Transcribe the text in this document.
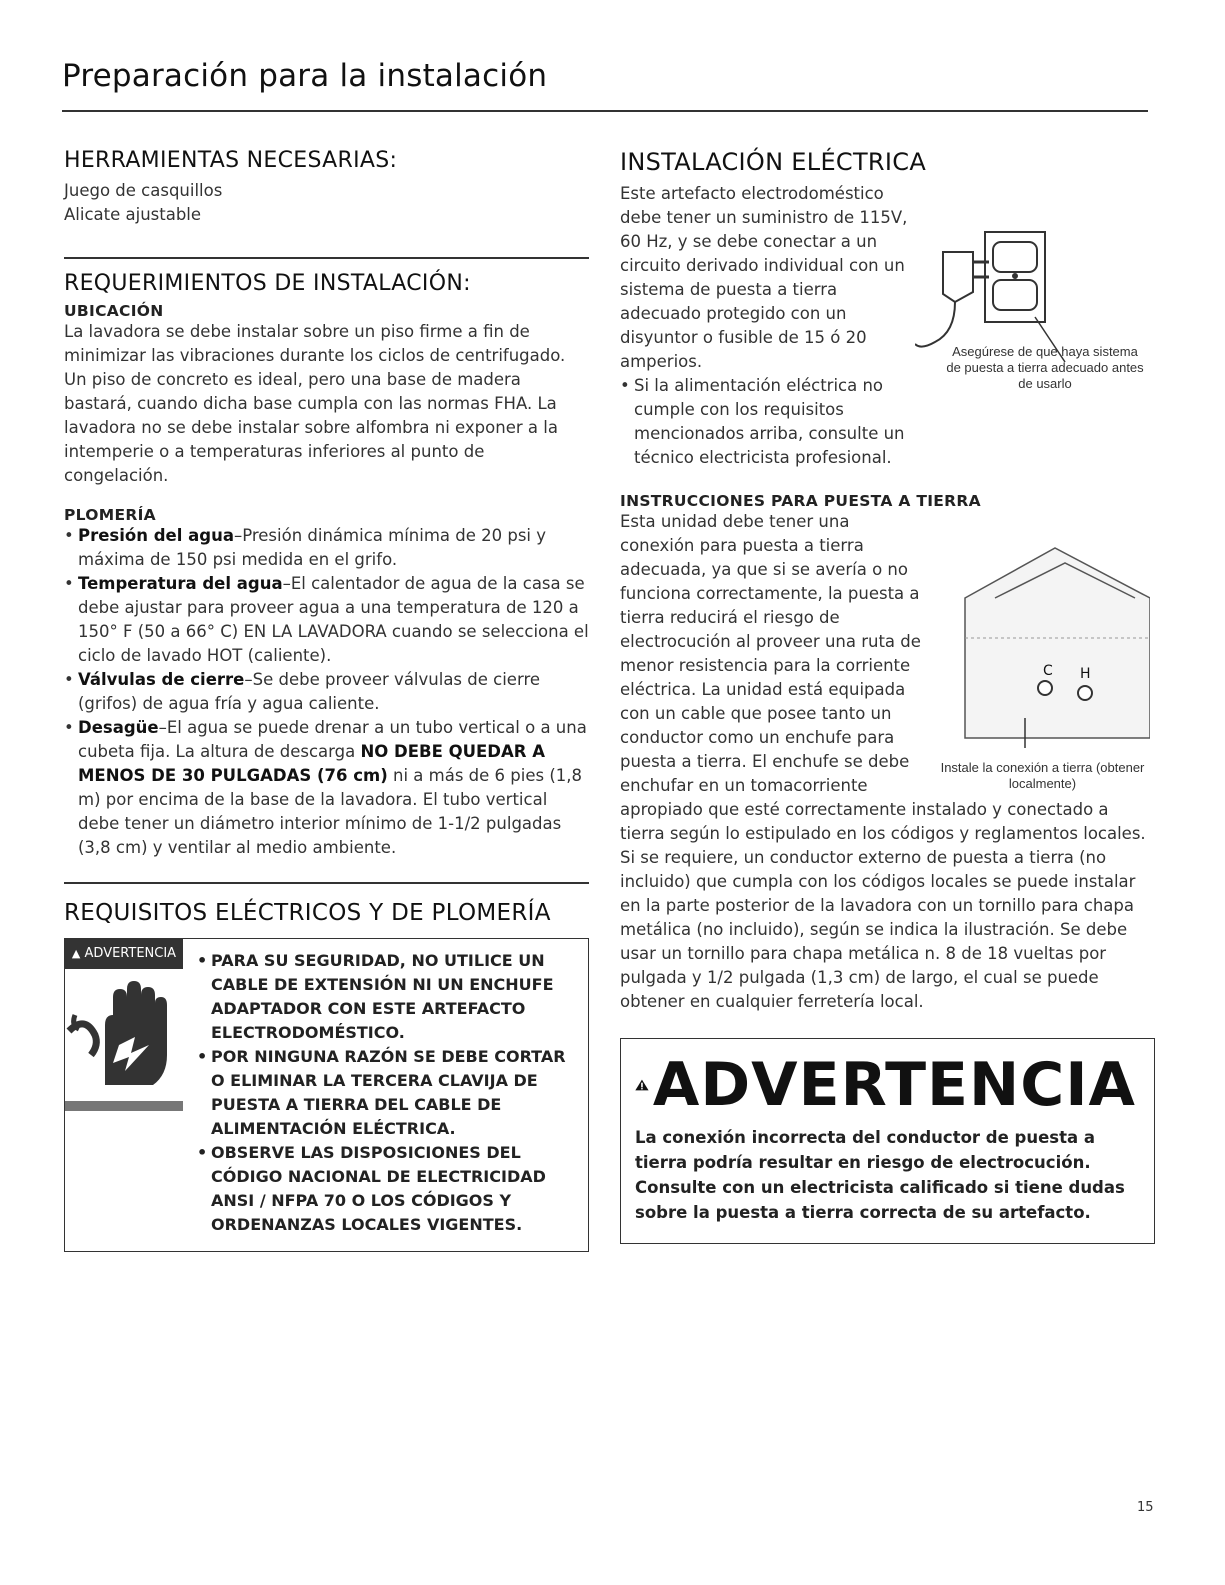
Preparación para la instalación
HERRAMIENTAS NECESARIAS:
Juego de casquillos
Alicate ajustable
REQUERIMIENTOS DE INSTALACIÓN:
UBICACIÓN
La lavadora se debe instalar sobre un piso firme a fin de minimizar las vibraciones durante los ciclos de centrifugado. Un piso de concreto es ideal, pero una base de madera bastará, cuando dicha base cumpla con las normas FHA. La lavadora no se debe instalar sobre alfombra ni exponer a la intemperie o a temperaturas inferiores al punto de congelación.
PLOMERÍA
• Presión del agua–Presión dinámica mínima de 20 psi y máxima de 150 psi medida en el grifo.
• Temperatura del agua–El calentador de agua de la casa se debe ajustar para proveer agua a una temperatura de 120 a 150° F (50 a 66° C) EN LA LAVADORA cuando se selecciona el ciclo de lavado HOT (caliente).
• Válvulas de cierre–Se debe proveer válvulas de cierre (grifos) de agua fría y agua caliente.
• Desagüe–El agua se puede drenar a un tubo vertical o a una cubeta fija. La altura de descarga NO DEBE QUEDAR A MENOS DE 30 PULGADAS (76 cm) ni a más de 6 pies (1,8 m) por encima de la base de la lavadora. El tubo vertical debe tener un diámetro interior mínimo de 1-1/2 pulgadas (3,8 cm) y ventilar al medio ambiente.
REQUISITOS ELÉCTRICOS Y DE PLOMERÍA
▲ ADVERTENCIA
•	PARA SU SEGURIDAD, NO UTILICE UN CABLE DE EXTENSIÓN NI UN ENCHUFE ADAPTADOR CON ESTE ARTEFACTO ELECTRODOMÉSTICO.
• POR NINGUNA RAZÓN SE DEBE CORTAR O ELIMINAR LA TERCERA CLAVIJA DE PUESTA A TIERRA DEL CABLE DE ALIMENTACIÓN ELÉCTRICA.
• OBSERVE LAS DISPOSICIONES DEL CÓDIGO NACIONAL DE ELECTRICIDAD ANSI / NFPA 70 O LOS CÓDIGOS Y ORDENANZAS LOCALES VIGENTES.
INSTALACIÓN ELÉCTRICA
Este artefacto electrodoméstico debe tener un suministro de 115V, 60 Hz, y se debe conectar a un circuito derivado individual con un sistema de puesta a tierra adecuado protegido con un disyuntor o fusible de 15 ó 20 amperios.
• Si la alimentación eléctrica no cumple con los requisitos mencionados arriba, consulte un técnico electricista profesional.
Asegúrese de que haya sistema de puesta a tierra adecuado antes de usarlo
INSTRUCCIONES PARA PUESTA A TIERRA
C H
Instale la conexión a tierra (obtener localmente)
Esta unidad debe tener una conexión para puesta a tierra adecuada, ya que si se avería o no funciona correctamente, la puesta a tierra reducirá el riesgo de electrocución al proveer una ruta de menor resistencia para la corriente eléctrica. La unidad está equipada con un cable que posee tanto un conductor como un enchufe para puesta a tierra. El enchufe se debe enchufar en un tomacorriente apropiado que esté correctamente instalado y conectado a tierra según lo estipulado en los códigos y reglamentos locales.
Si se requiere, un conductor externo de puesta a tierra (no incluido) que cumpla con los códigos locales se puede instalar en la parte posterior de la lavadora con un tornillo para chapa metálica (no incluido), según se indica la ilustración. Se debe usar un tornillo para chapa metálica n. 8 de 18 vueltas por pulgada y 1/2 pulgada (1,3 cm) de largo, el cual se puede obtener en cualquier ferretería local.
ADVERTENCIA
La conexión incorrecta del conductor de puesta a tierra podría resultar en riesgo de electrocución. Consulte con un electricista calificado si tiene dudas sobre la puesta a tierra correcta de su artefacto.
15
